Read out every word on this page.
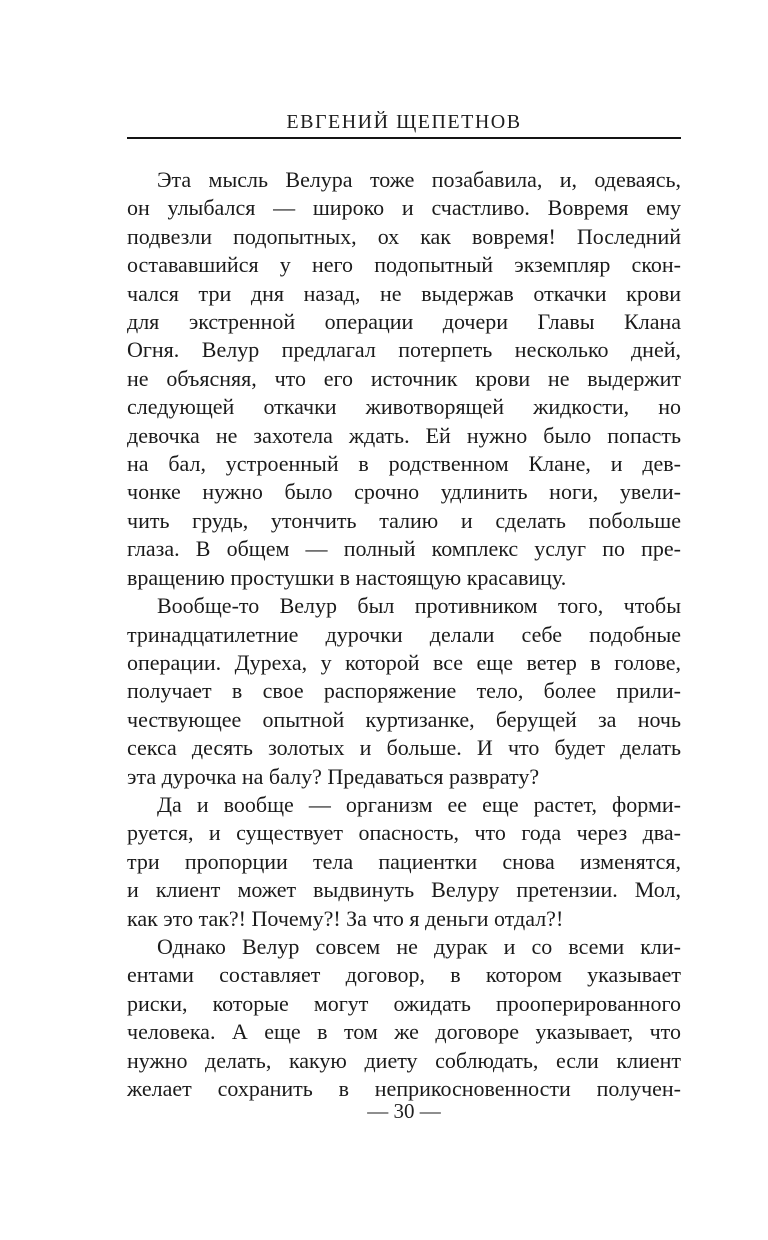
ЕВГЕНИЙ ЩЕПЕТНОВ
Эта мысль Велура тоже позабавила, и, одеваясь,
он улыбался — широко и счастливо. Вовремя ему
подвезли подопытных, ох как вовремя! Последний
остававшийся у него подопытный экземпляр скон-
чался три дня назад, не выдержав откачки крови
для экстренной операции дочери Главы Клана
Огня. Велур предлагал потерпеть несколько дней,
не объясняя, что его источник крови не выдержит
следующей откачки животворящей жидкости, но
девочка не захотела ждать. Ей нужно было попасть
на бал, устроенный в родственном Клане, и дев-
чонке нужно было срочно удлинить ноги, увели-
чить грудь, утончить талию и сделать побольше
глаза. В общем — полный комплекс услуг по пре-
вращению простушки в настоящую красавицу.
Вообще-то Велур был противником того, чтобы
тринадцатилетние дурочки делали себе подобные
операции. Дуреха, у которой все еще ветер в голове,
получает в свое распоряжение тело, более прили-
чествующее опытной куртизанке, берущей за ночь
секса десять золотых и больше. И что будет делать
эта дурочка на балу? Предаваться разврату?
Да и вообще — организм ее еще растет, форми-
руется, и существует опасность, что года через два-
три пропорции тела пациентки снова изменятся,
и клиент может выдвинуть Велуру претензии. Мол,
как это так?! Почему?! За что я деньги отдал?!
Однако Велур совсем не дурак и со всеми кли-
ентами составляет договор, в котором указывает
риски, которые могут ожидать прооперированного
человека. А еще в том же договоре указывает, что
нужно делать, какую диету соблюдать, если клиент
желает сохранить в неприкосновенности получен-
— 30 —
